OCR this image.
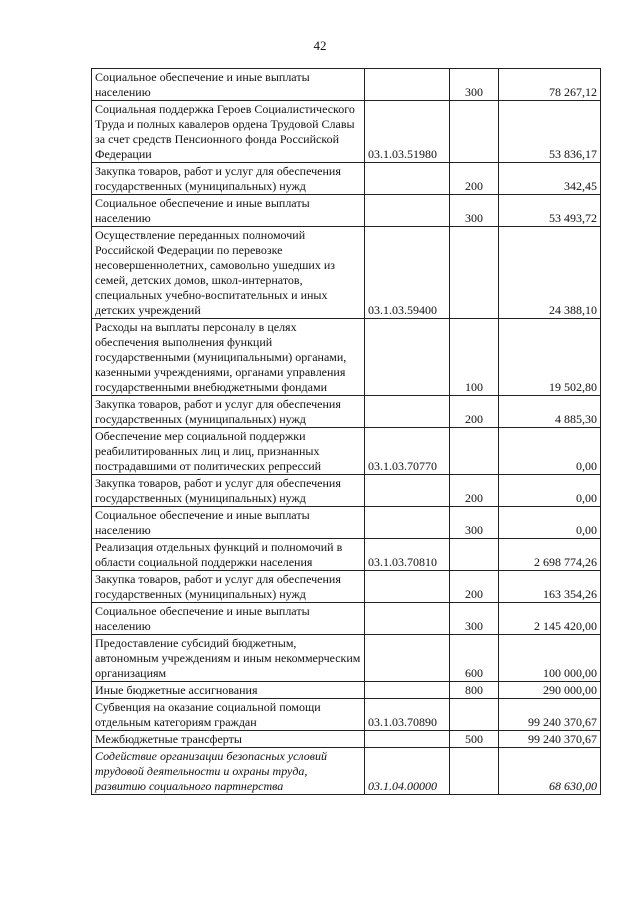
42
Социальное обеспечение и иные выплаты населению		300	78 267,12
Социальная поддержка Героев Социалистического Труда и полных кавалеров ордена Трудовой Славы за счет средств Пенсионного фонда Российской Федерации	03.1.03.51980		53 836,17
Закупка товаров, работ и услуг для обеспечения государственных (муниципальных) нужд		200	342,45
Социальное обеспечение и иные выплаты населению		300	53 493,72
Осуществление переданных полномочий Российской Федерации по перевозке несовершеннолетних, самовольно ушедших из семей, детских домов, школ-интернатов, специальных учебно-воспитательных и иных детских учреждений	03.1.03.59400		24 388,10
Расходы на выплаты персоналу в целях обеспечения выполнения функций государственными (муниципальными) органами, казенными учреждениями, органами управления государственными внебюджетными фондами		100	19 502,80
Закупка товаров, работ и услуг для обеспечения государственных (муниципальных) нужд		200	4 885,30
Обеспечение мер социальной поддержки реабилитированных лиц и лиц, признанных пострадавшими от политических репрессий	03.1.03.70770		0,00
Закупка товаров, работ и услуг для обеспечения государственных (муниципальных) нужд		200	0,00
Социальное обеспечение и иные выплаты населению		300	0,00
Реализация отдельных функций и полномочий в области социальной поддержки населения	03.1.03.70810		2 698 774,26
Закупка товаров, работ и услуг для обеспечения государственных (муниципальных) нужд		200	163 354,26
Социальное обеспечение и иные выплаты населению		300	2 145 420,00
Предоставление субсидий бюджетным, автономным учреждениям и иным некоммерческим организациям		600	100 000,00
Иные бюджетные ассигнования		800	290 000,00
Субвенция на оказание социальной помощи отдельным категориям граждан	03.1.03.70890		99 240 370,67
Межбюджетные трансферты		500	99 240 370,67
Содействие организации безопасных условий трудовой деятельности и охраны труда, развитию социального партнерства	03.1.04.00000		68 630,00
